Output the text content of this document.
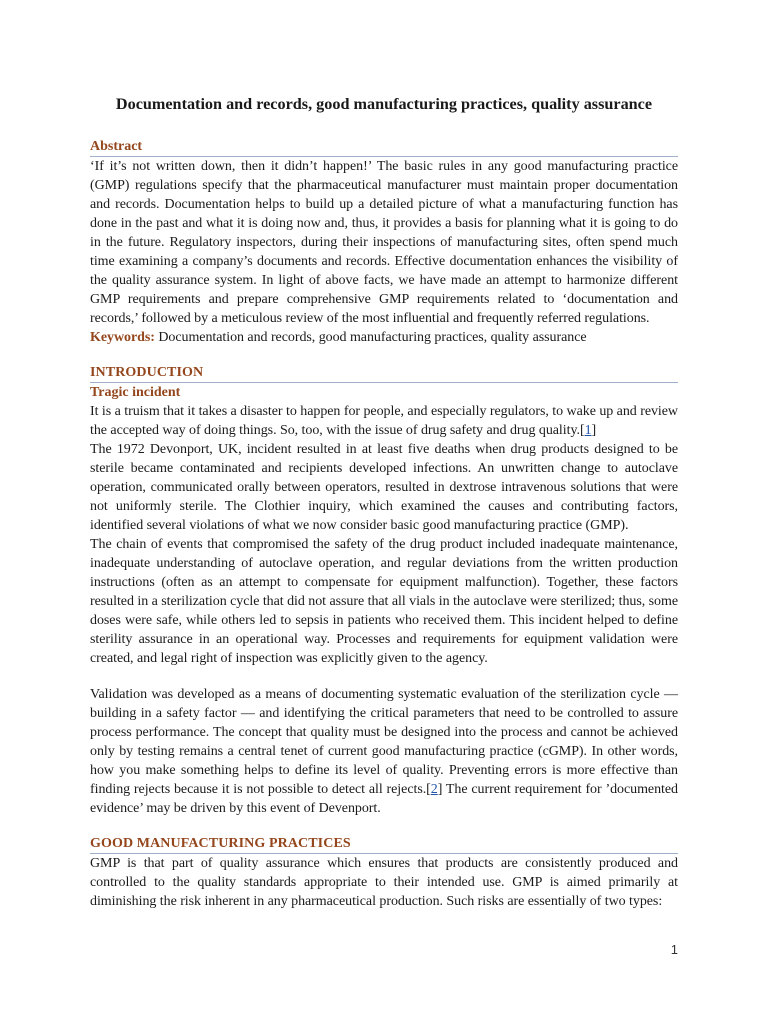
Documentation and records, good manufacturing practices, quality assurance
Abstract

‘If it’s not written down, then it didn’t happen!’ The basic rules in any good manufacturing practice (GMP) regulations specify that the pharmaceutical manufacturer must maintain proper documentation and records. Documentation helps to build up a detailed picture of what a manufacturing function has done in the past and what it is doing now and, thus, it provides a basis for planning what it is going to do in the future. Regulatory inspectors, during their inspections of manufacturing sites, often spend much time examining a company’s documents and records. Effective documentation enhances the visibility of the quality assurance system. In light of above facts, we have made an attempt to harmonize different GMP requirements and prepare comprehensive GMP requirements related to ‘documentation and records,’ followed by a meticulous review of the most influential and frequently referred regulations.

Keywords: Documentation and records, good manufacturing practices, quality assurance

INTRODUCTION
Tragic incident

It is a truism that it takes a disaster to happen for people, and especially regulators, to wake up and review the accepted way of doing things. So, too, with the issue of drug safety and drug quality.[1]

The 1972 Devonport, UK, incident resulted in at least five deaths when drug products designed to be sterile became contaminated and recipients developed infections. An unwritten change to autoclave operation, communicated orally between operators, resulted in dextrose intravenous solutions that were not uniformly sterile. The Clothier inquiry, which examined the causes and contributing factors, identified several violations of what we now consider basic good manufacturing practice (GMP).

The chain of events that compromised the safety of the drug product included inadequate maintenance, inadequate understanding of autoclave operation, and regular deviations from the written production instructions (often as an attempt to compensate for equipment malfunction). Together, these factors resulted in a sterilization cycle that did not assure that all vials in the autoclave were sterilized; thus, some doses were safe, while others led to sepsis in patients who received them. This incident helped to define sterility assurance in an operational way. Processes and requirements for equipment validation were created, and legal right of inspection was explicitly given to the agency.

Validation was developed as a means of documenting systematic evaluation of the sterilization cycle — building in a safety factor — and identifying the critical parameters that need to be controlled to assure process performance. The concept that quality must be designed into the process and cannot be achieved only by testing remains a central tenet of current good manufacturing practice (cGMP). In other words, how you make something helps to define its level of quality. Preventing errors is more effective than finding rejects because it is not possible to detect all rejects.[2] The current requirement for ’documented evidence’ may be driven by this event of Devenport.

GOOD MANUFACTURING PRACTICES

GMP is that part of quality assurance which ensures that products are consistently produced and controlled to the quality standards appropriate to their intended use. GMP is aimed primarily at diminishing the risk inherent in any pharmaceutical production. Such risks are essentially of two types:

1
